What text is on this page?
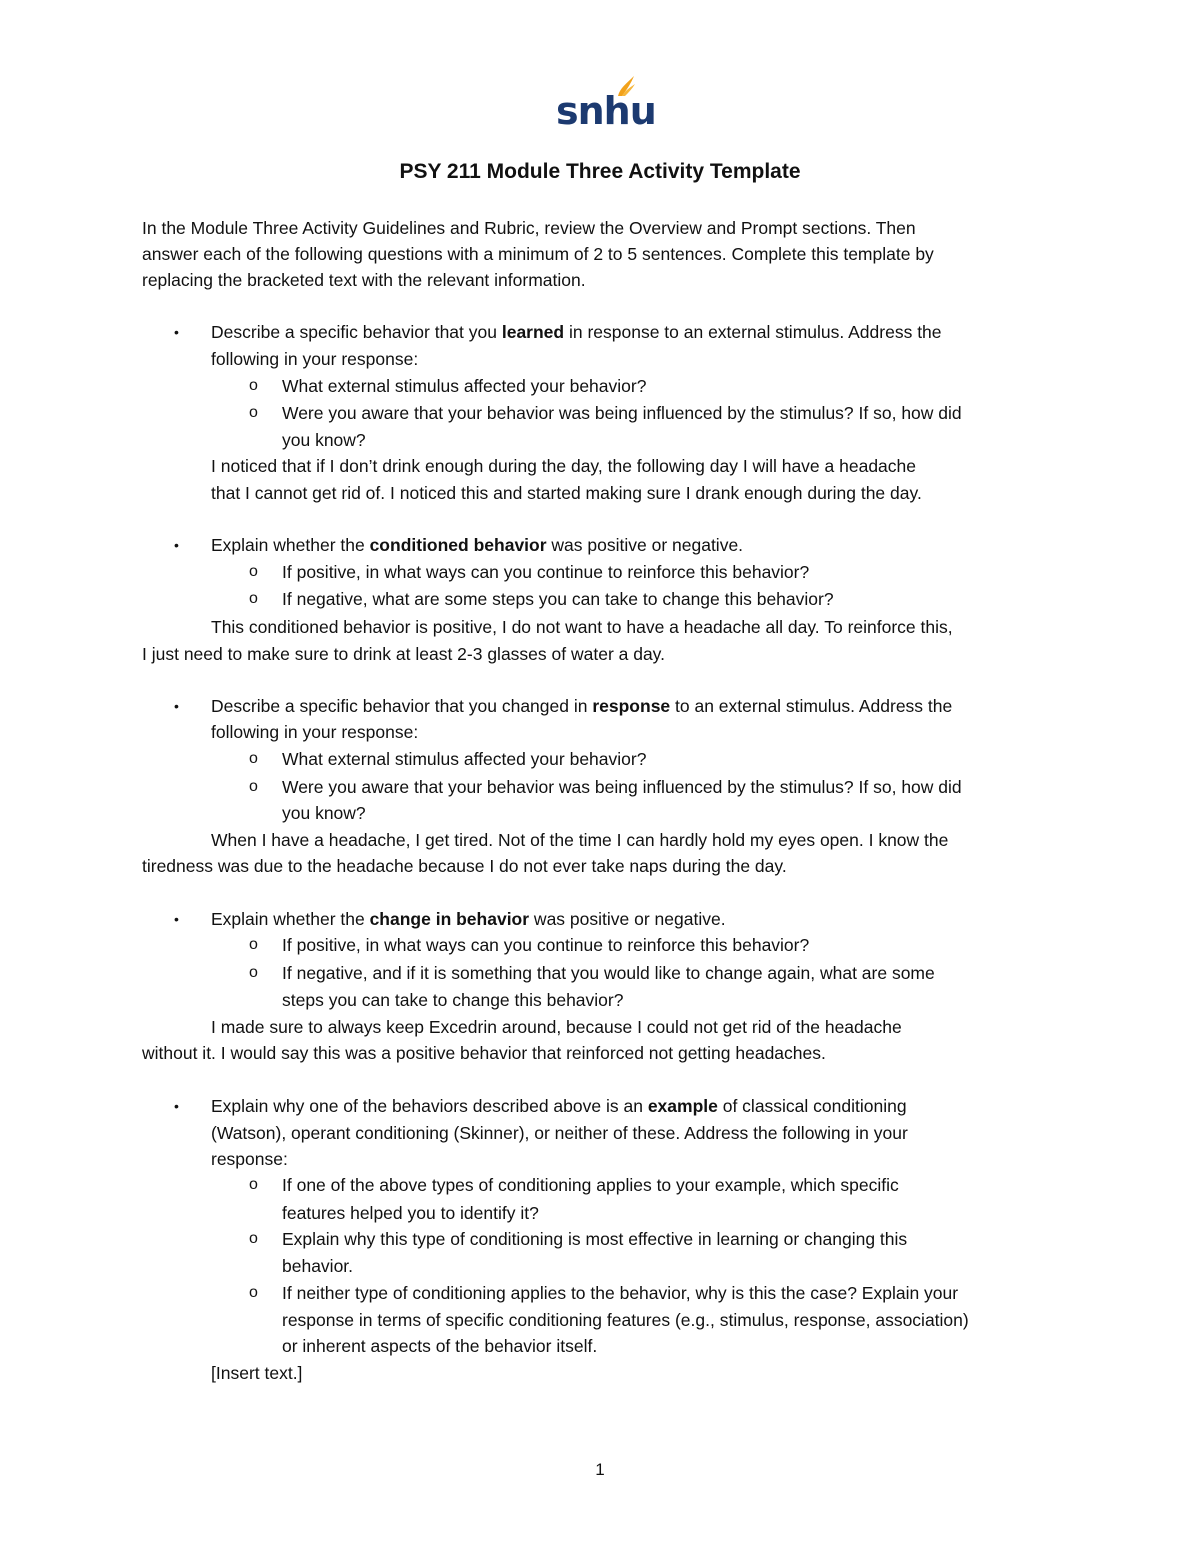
snhu
PSY 211 Module Three Activity Template
In the Module Three Activity Guidelines and Rubric, review the Overview and Prompt sections. Then
answer each of the following questions with a minimum of 2 to 5 sentences. Complete this template by
replacing the bracketed text with the relevant information.
• Describe a specific behavior that you learned in response to an external stimulus. Address the
following in your response:
o What external stimulus affected your behavior?
o Were you aware that your behavior was being influenced by the stimulus? If so, how did
you know?
I noticed that if I don’t drink enough during the day, the following day I will have a headache
that I cannot get rid of. I noticed this and started making sure I drank enough during the day.
• Explain whether the conditioned behavior was positive or negative.
o If positive, in what ways can you continue to reinforce this behavior?
o If negative, what are some steps you can take to change this behavior?
This conditioned behavior is positive, I do not want to have a headache all day. To reinforce this,
I just need to make sure to drink at least 2-3 glasses of water a day.
• Describe a specific behavior that you changed in response to an external stimulus. Address the
following in your response:
o What external stimulus affected your behavior?
o Were you aware that your behavior was being influenced by the stimulus? If so, how did
you know?
When I have a headache, I get tired. Not of the time I can hardly hold my eyes open. I know the
tiredness was due to the headache because I do not ever take naps during the day.
• Explain whether the change in behavior was positive or negative.
o If positive, in what ways can you continue to reinforce this behavior?
o If negative, and if it is something that you would like to change again, what are some
steps you can take to change this behavior?
I made sure to always keep Excedrin around, because I could not get rid of the headache
without it. I would say this was a positive behavior that reinforced not getting headaches.
• Explain why one of the behaviors described above is an example of classical conditioning
(Watson), operant conditioning (Skinner), or neither of these. Address the following in your
response:
o If one of the above types of conditioning applies to your example, which specific
features helped you to identify it?
o Explain why this type of conditioning is most effective in learning or changing this
behavior.
o If neither type of conditioning applies to the behavior, why is this the case? Explain your
response in terms of specific conditioning features (e.g., stimulus, response, association)
or inherent aspects of the behavior itself.
[Insert text.]
1
